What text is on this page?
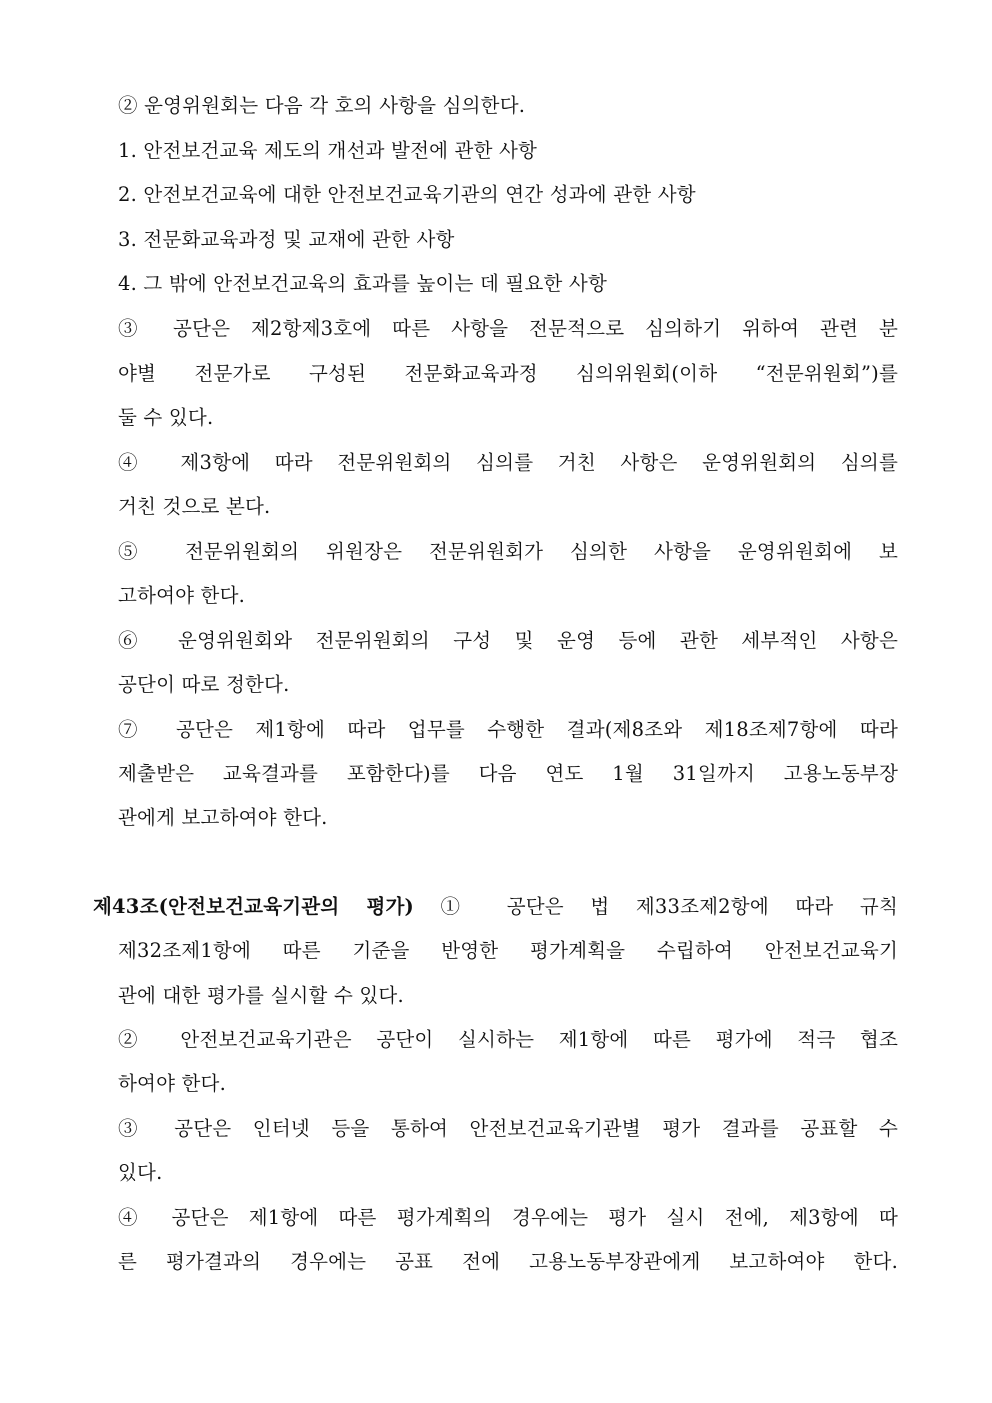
② 운영위원회는 다음 각 호의 사항을 심의한다.
1. 안전보건교육 제도의 개선과 발전에 관한 사항
2. 안전보건교육에 대한 안전보건교육기관의 연간 성과에 관한 사항
3. 전문화교육과정 및 교재에 관한 사항
4. 그 밖에 안전보건교육의 효과를 높이는 데 필요한 사항
③ 공단은 제2항제3호에 따른 사항을 전문적으로 심의하기 위하여 관련 분
야별 전문가로 구성된 전문화교육과정 심의위원회(이하 “전문위원회”)를
둘 수 있다.
④ 제3항에 따라 전문위원회의 심의를 거친 사항은 운영위원회의 심의를
거친 것으로 본다.
⑤ 전문위원회의 위원장은 전문위원회가 심의한 사항을 운영위원회에 보
고하여야 한다.
⑥ 운영위원회와 전문위원회의 구성 및 운영 등에 관한 세부적인 사항은
공단이 따로 정한다.
⑦ 공단은 제1항에 따라 업무를 수행한 결과(제8조와 제18조제7항에 따라
제출받은 교육결과를 포함한다)를 다음 연도 1월 31일까지 고용노동부장
관에게 보고하여야 한다.
제43조(안전보건교육기관의 평가) ① 공단은 법 제33조제2항에 따라 규칙
제32조제1항에 따른 기준을 반영한 평가계획을 수립하여 안전보건교육기
관에 대한 평가를 실시할 수 있다.
② 안전보건교육기관은 공단이 실시하는 제1항에 따른 평가에 적극 협조
하여야 한다.
③ 공단은 인터넷 등을 통하여 안전보건교육기관별 평가 결과를 공표할 수
있다.
④ 공단은 제1항에 따른 평가계획의 경우에는 평가 실시 전에, 제3항에 따
른 평가결과의 경우에는 공표 전에 고용노동부장관에게 보고하여야 한다.
